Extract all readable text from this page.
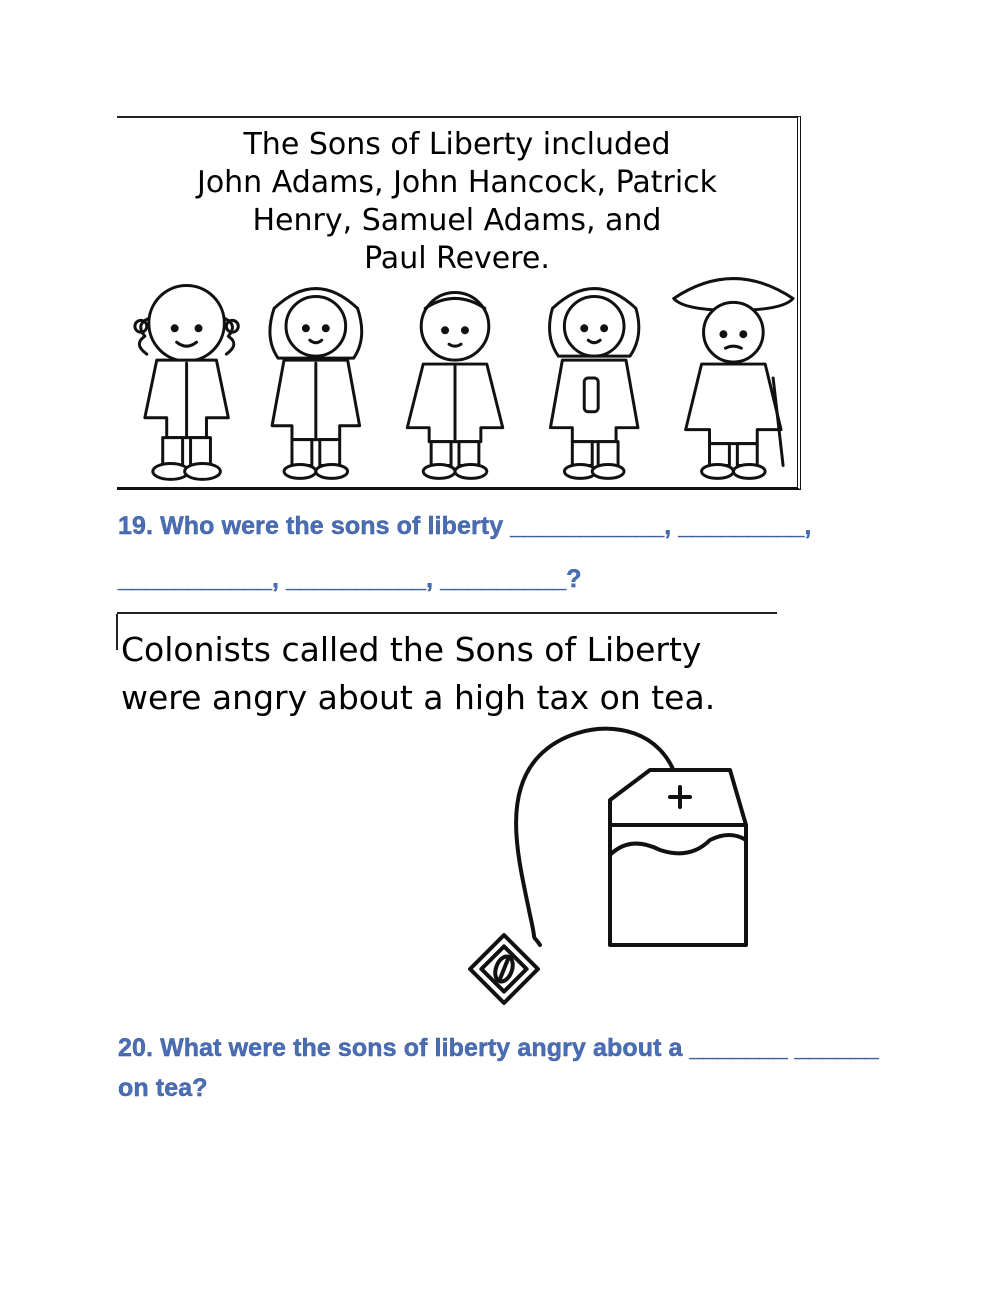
The Sons of Liberty included
John Adams, John Hancock, Patrick
Henry, Samuel Adams, and
Paul Revere.
19. Who were the sons of liberty ___________, _________,
___________, __________, _________?
Colonists called the Sons of Liberty
were angry about a high tax on tea.
20. What were the sons of liberty angry about a _______ ______
on tea?
